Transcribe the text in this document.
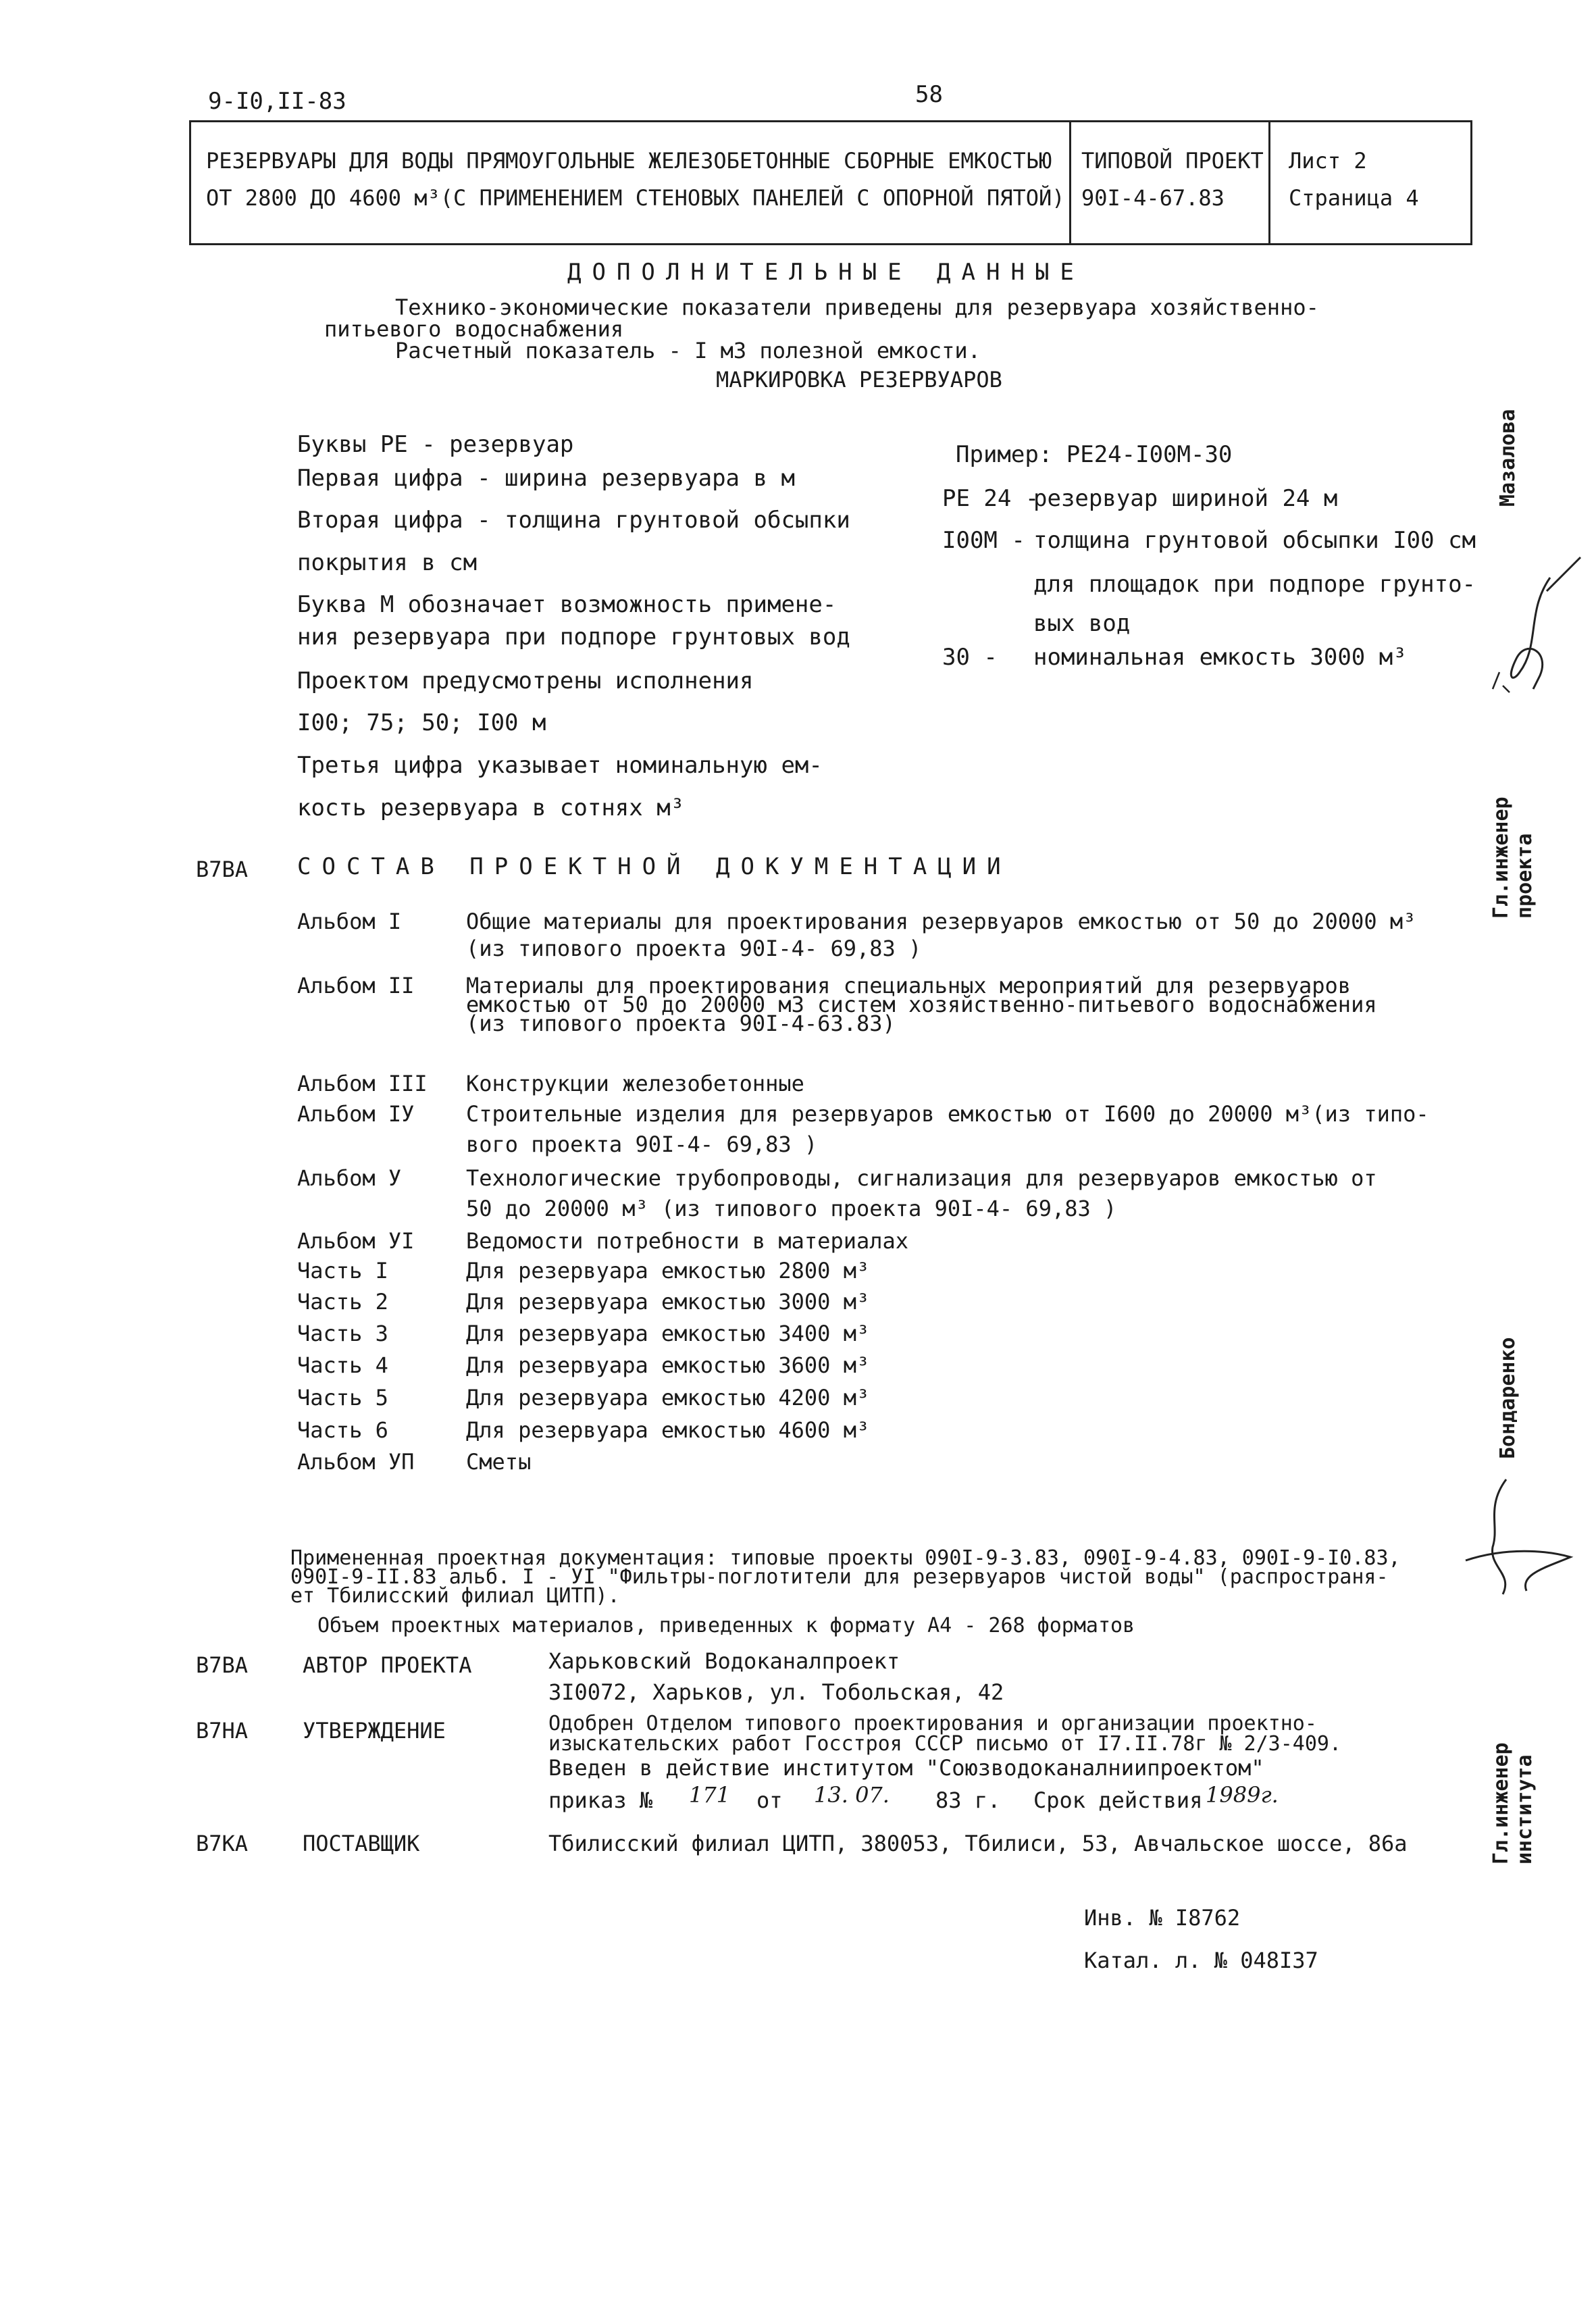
9-I0,II-83	58
РЕЗЕРВУАРЫ ДЛЯ ВОДЫ ПРЯМОУГОЛЬНЫЕ ЖЕЛЕЗОБЕТОННЫЕ СБОРНЫЕ ЕМКОСТЬЮ
ОТ 2800 ДО 4600 м³(С ПРИМЕНЕНИЕМ СТЕНОВЫХ ПАНЕЛЕЙ С ОПОРНОЙ ПЯТОЙ)
ТИПОВОЙ ПРОЕКТ
90I-4-67.83
Лист 2
Страница 4
ДОПОЛНИТЕЛЬНЫЕ ДАННЫЕ
Технико-экономические показатели приведены для резервуара хозяйственно-
питьевого водоснабжения
Расчетный показатель - I м3 полезной емкости.
МАРКИРОВКА РЕЗЕРВУАРОВ
Буквы РЕ - резервуар
Первая цифра - ширина резервуара в м
Вторая цифра - толщина грунтовой обсыпки
покрытия в см
Буква М обозначает возможность примене-
ния резервуара при подпоре грунтовых вод
Проектом предусмотрены исполнения
I00; 75; 50; I00 м
Третья цифра указывает номинальную ем-
кость резервуара в сотнях м³
Пример: РЕ24-I00М-30
РЕ 24 -
резервуар шириной 24 м
I00М - толщина грунтовой обсыпки I00 см
для площадок при подпоре грунто-
вых вод
30 - номинальная емкость 3000 м³
В7ВА СОСТАВ ПРОЕКТНОЙ ДОКУМЕНТАЦИИ
Альбом I	Общие материалы для проектирования резервуаров емкостью от 50 до 20000 м³
(из типового проекта 90I-4- 69,83 )
Альбом II Материалы для проектирования специальных мероприятий для резервуаров
емкостью от 50 до 20000 м3 систем хозяйственно-питьевого водоснабжения
(из типового проекта 90I-4-63.83)
Альбом III Конструкции железобетонные
Альбом IУ Строительные изделия для резервуаров емкостью от I600 до 20000 м³(из типо-
вого проекта 90I-4- 69,83 )
Альбом У	Технологические трубопроводы, сигнализация для резервуаров емкостью от
50 до 20000 м³ (из типового проекта 90I-4- 69,83 )
Альбом УI Ведомости потребности в материалах
Часть I	Для резервуара емкостью 2800 м³
Часть 2	Для резервуара емкостью 3000 м³
Часть 3	Для резервуара емкостью 3400 м³
Часть 4	Для резервуара емкостью 3600 м³
Часть 5	Для резервуара емкостью 4200 м³
Часть 6	Для резервуара емкостью 4600 м³
Альбом УП Сметы
Примененная проектная документация: типовые проекты 090I-9-3.83, 090I-9-4.83, 090I-9-I0.83,
090I-9-II.83 альб. I - УI "Фильтры-поглотители для резервуаров чистой воды" (распространя-
ет Тбилисский филиал ЦИТП).
Объем проектных материалов, приведенных к формату А4 - 268 форматов
В7ВА	АВТОР ПРОЕКТА	Харьковский Водоканалпроект
3I0072, Харьков, ул. Тобольская, 42
В7НА	УТВЕРЖДЕНИЕ	Одобрен Отделом типового проектирования и организации проектно-
изыскательских работ Госстроя СССР письмо от I7.II.78г № 2/3-409.
Введен в действие институтом "Союзводоканалниипроектом"
приказ № 171 от 13. 07. 83 г. Срок действия 1989г.
В7КА	ПОСТАВЩИК	Тбилисский филиал ЦИТП, 380053, Тбилиси, 53, Авчальское шоссе, 86а
Инв. № I8762
Катал. л. № 048I37
Мазалова
Гл.инженер проекта
Бондаренко
Гл.инженер института
